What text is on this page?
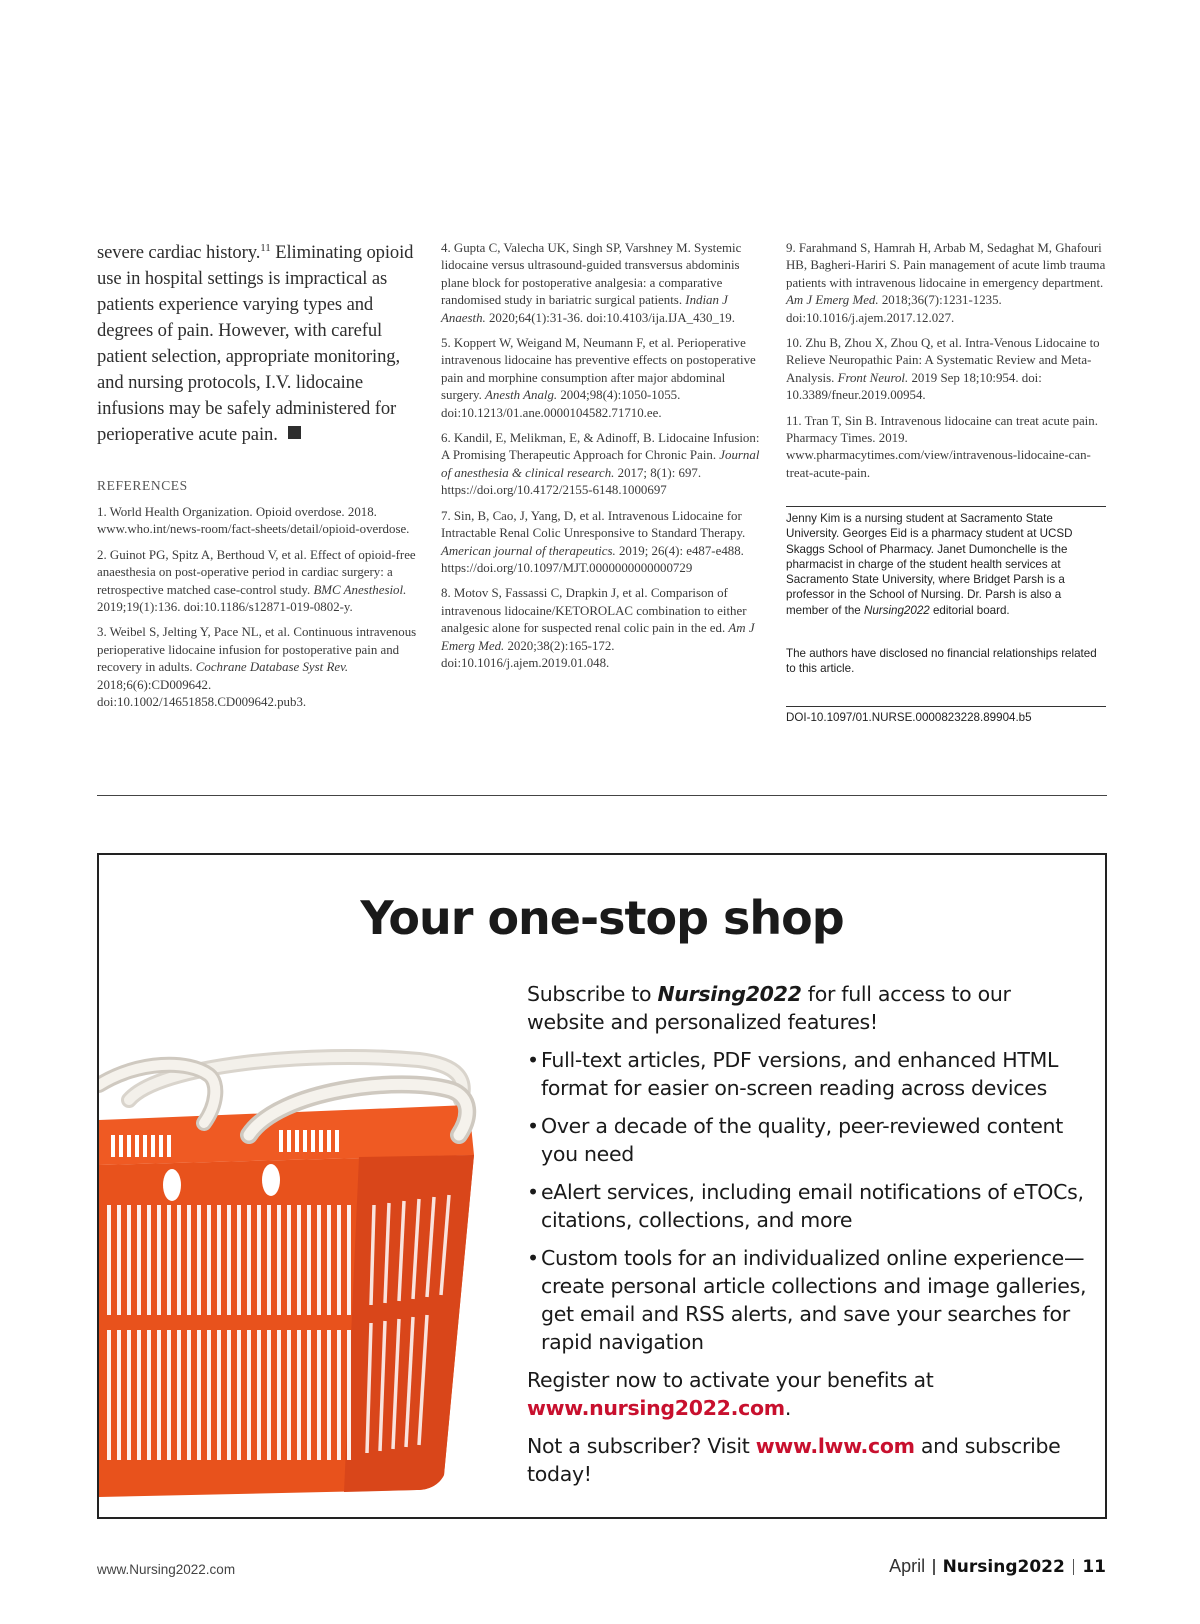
severe cardiac history.$^{11}$ Eliminating opioid use in hospital settings is impractical as patients experience varying types and degrees of pain. However, with careful patient selection, appropriate monitoring, and nursing protocols, I.V. lidocaine infusions may be safely administered for perioperative acute pain.

REFERENCES

1. World Health Organization. Opioid overdose. 2018. www.who.int/news-room/fact-sheets/detail/opioid-overdose.

2. Guinot PG, Spitz A, Berthoud V, et al. Effect of opioid-free anaesthesia on post-operative period in cardiac surgery: a retrospective matched case-control study. BMC Anesthesiol. 2019;19(1):136. doi:10.1186/s12871-019-0802-y.

3. Weibel S, Jelting Y, Pace NL, et al. Continuous intravenous perioperative lidocaine infusion for postoperative pain and recovery in adults. Cochrane Database Syst Rev. 2018;6(6):CD009642. doi:10.1002/14651858.CD009642.pub3.

4. Gupta C, Valecha UK, Singh SP, Varshney M. Systemic lidocaine versus ultrasound-guided transversus abdominis plane block for postoperative analgesia: a comparative randomised study in bariatric surgical patients. Indian J Anaesth. 2020;64(1):31-36. doi:10.4103/ija.IJA_430_19.

5. Koppert W, Weigand M, Neumann F, et al. Perioperative intravenous lidocaine has preventive effects on postoperative pain and morphine consumption after major abdominal surgery. Anesth Analg. 2004;98(4):1050-1055. doi:10.1213/01.ane.0000104582.71710.ee.

6. Kandil, E, Melikman, E, & Adinoff, B. Lidocaine Infusion: A Promising Therapeutic Approach for Chronic Pain. Journal of anesthesia & clinical research. 2017; 8(1): 697. https://doi.org/10.4172/2155-6148.1000697

7. Sin, B, Cao, J, Yang, D, et al. Intravenous Lidocaine for Intractable Renal Colic Unresponsive to Standard Therapy. American journal of therapeutics. 2019; 26(4): e487-e488. https://doi.org/10.1097/MJT.0000000000000729

8. Motov S, Fassassi C, Drapkin J, et al. Comparison of intravenous lidocaine/KETOROLAC combination to either analgesic alone for suspected renal colic pain in the ed. Am J Emerg Med. 2020;38(2):165-172. doi:10.1016/j.ajem.2019.01.048.

9. Farahmand S, Hamrah H, Arbab M, Sedaghat M, Ghafouri HB, Bagheri-Hariri S. Pain management of acute limb trauma patients with intravenous lidocaine in emergency department. Am J Emerg Med. 2018;36(7):1231-1235. doi:10.1016/j.ajem.2017.12.027.

10. Zhu B, Zhou X, Zhou Q, et al. Intra-Venous Lidocaine to Relieve Neuropathic Pain: A Systematic Review and Meta-Analysis. Front Neurol. 2019 Sep 18;10:954. doi: 10.3389/fneur.2019.00954.

11. Tran T, Sin B. Intravenous lidocaine can treat acute pain. Pharmacy Times. 2019. www.pharmacytimes.com/view/intravenous-lidocaine-can-treat-acute-pain.

Jenny Kim is a nursing student at Sacramento State University. Georges Eid is a pharmacy student at UCSD Skaggs School of Pharmacy. Janet Dumonchelle is the pharmacist in charge of the student health services at Sacramento State University, where Bridget Parsh is a professor in the School of Nursing. Dr. Parsh is also a member of the Nursing2022 editorial board.

The authors have disclosed no financial relationships related to this article.

DOI-10.1097/01.NURSE.0000823228.89904.b5

Your one-stop shop

Subscribe to Nursing2022 for full access to our website and personalized features!

• Full-text articles, PDF versions, and enhanced HTML format for easier on-screen reading across devices
• Over a decade of the quality, peer-reviewed content you need
• eAlert services, including email notifications of eTOCs, citations, collections, and more
• Custom tools for an individualized online experience—create personal article collections and image galleries, get email and RSS alerts, and save your searches for rapid navigation

Register now to activate your benefits at www.nursing2022.com.

Not a subscriber? Visit www.lww.com and subscribe today!

www.Nursing2022.com	April Nursing2022 11
